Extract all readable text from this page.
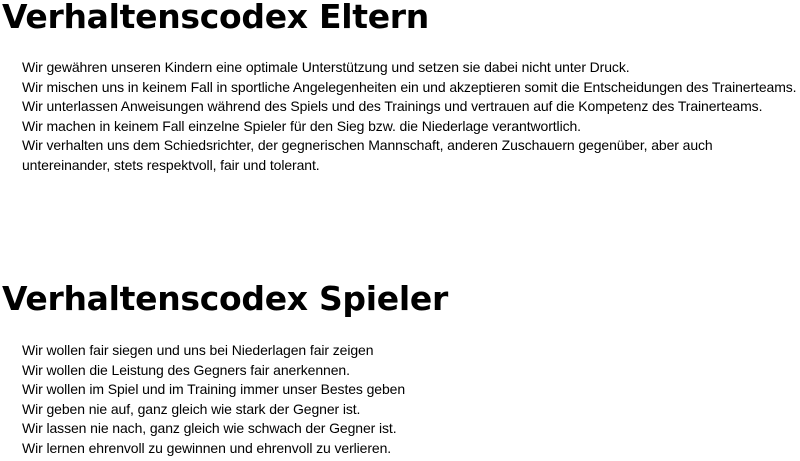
Verhaltenscodex Eltern
Wir gewähren unseren Kindern eine optimale Unterstützung und setzen sie dabei nicht unter Druck.
Wir mischen uns in keinem Fall in sportliche Angelegenheiten ein und akzeptieren somit die Entscheidungen des Trainerteams.
Wir unterlassen Anweisungen während des Spiels und des Trainings und vertrauen auf die Kompetenz des Trainerteams.
Wir machen in keinem Fall einzelne Spieler für den Sieg bzw. die Niederlage verantwortlich.
Wir verhalten uns dem Schiedsrichter, der gegnerischen Mannschaft, anderen Zuschauern gegenüber, aber auch untereinander, stets respektvoll, fair und tolerant.
Verhaltenscodex Spieler
Wir wollen fair siegen und uns bei Niederlagen fair zeigen
Wir wollen die Leistung des Gegners fair anerkennen.
Wir wollen im Spiel und im Training immer unser Bestes geben
Wir geben nie auf, ganz gleich wie stark der Gegner ist.
Wir lassen nie nach, ganz gleich wie schwach der Gegner ist.
Wir lernen ehrenvoll zu gewinnen und ehrenvoll zu verlieren.
